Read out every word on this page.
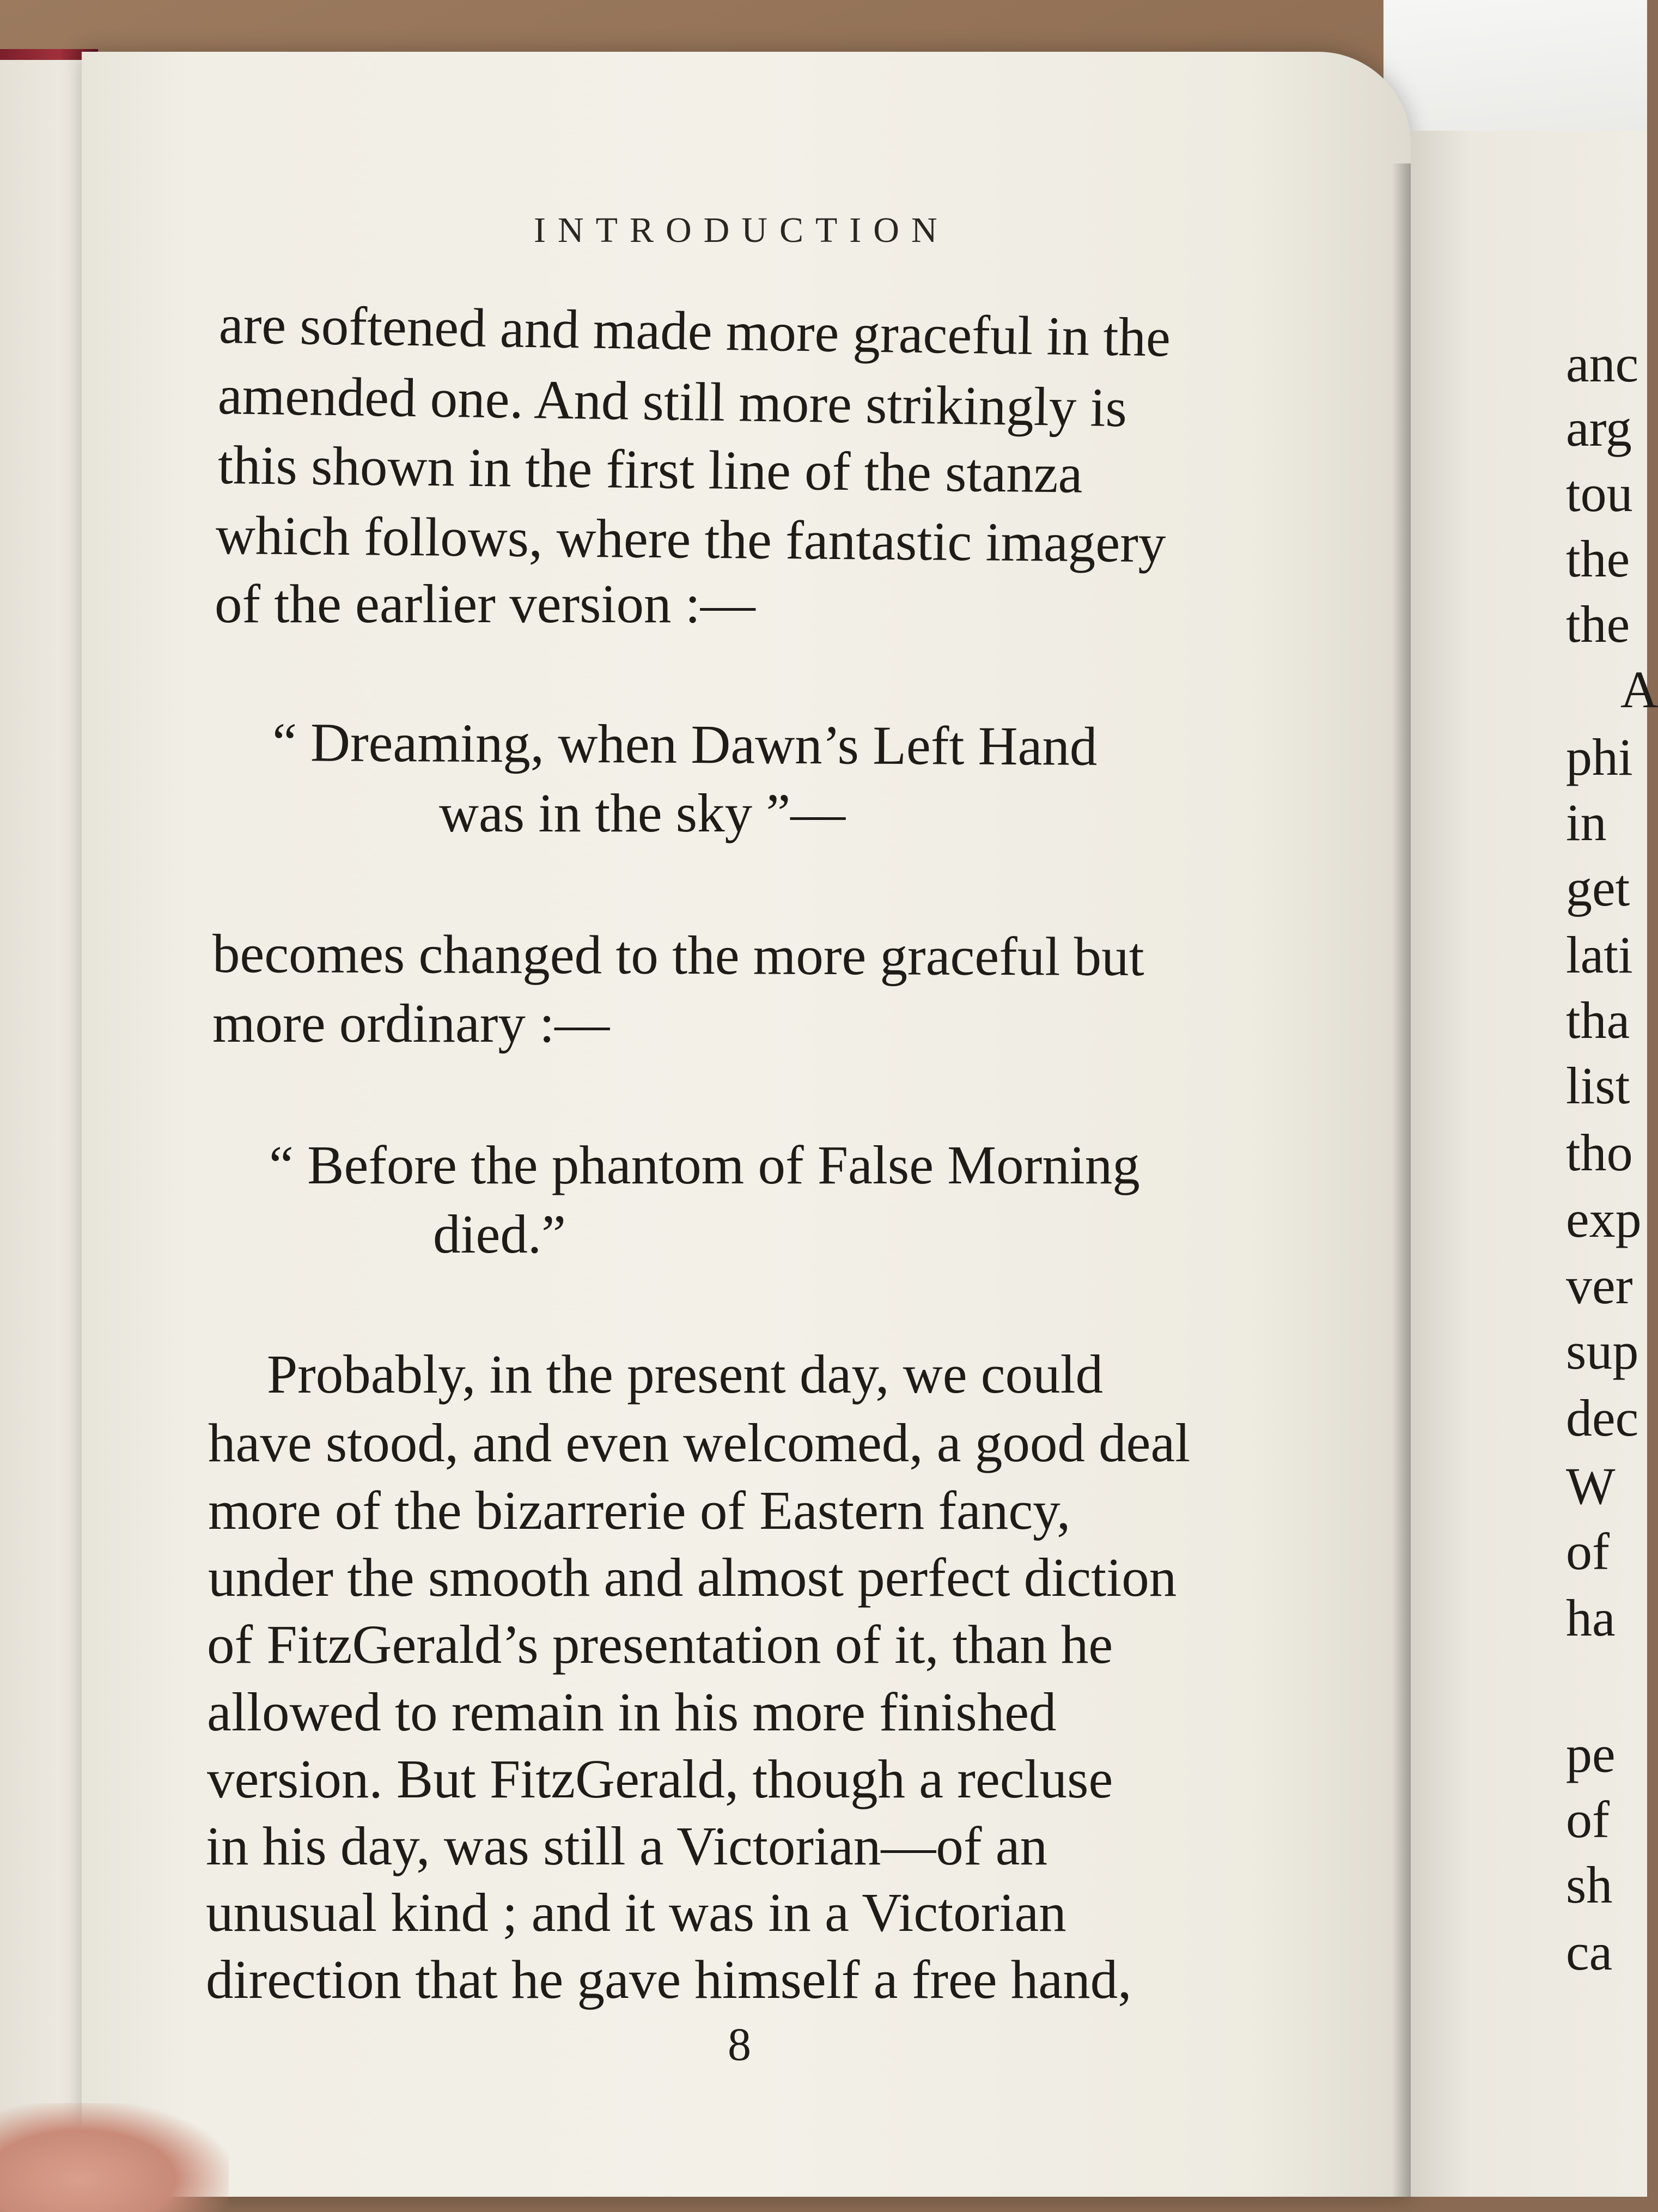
INTRODUCTION
are softened and made more graceful in the
amended one. And still more strikingly is
this shown in the first line of the stanza
which follows, where the fantastic imagery
of the earlier version :—
“ Dreaming, when Dawn’s Left Hand
was in the sky ”—
becomes changed to the more graceful but
more ordinary :—
“ Before the phantom of False Morning
died.”
Probably, in the present day, we could
have stood, and even welcomed, a good deal
more of the bizarrerie of Eastern fancy,
under the smooth and almost perfect diction
of FitzGerald’s presentation of it, than he
allowed to remain in his more finished
version. But FitzGerald, though a recluse
in his day, was still a Victorian—of an
unusual kind ; and it was in a Victorian
direction that he gave himself a free hand,
8
anc
arg
tou
the
the
A
phi
in
get
lati
tha
list
tho
exp
ver
sup
dec
W
of
ha
pe
of
sh
ca
